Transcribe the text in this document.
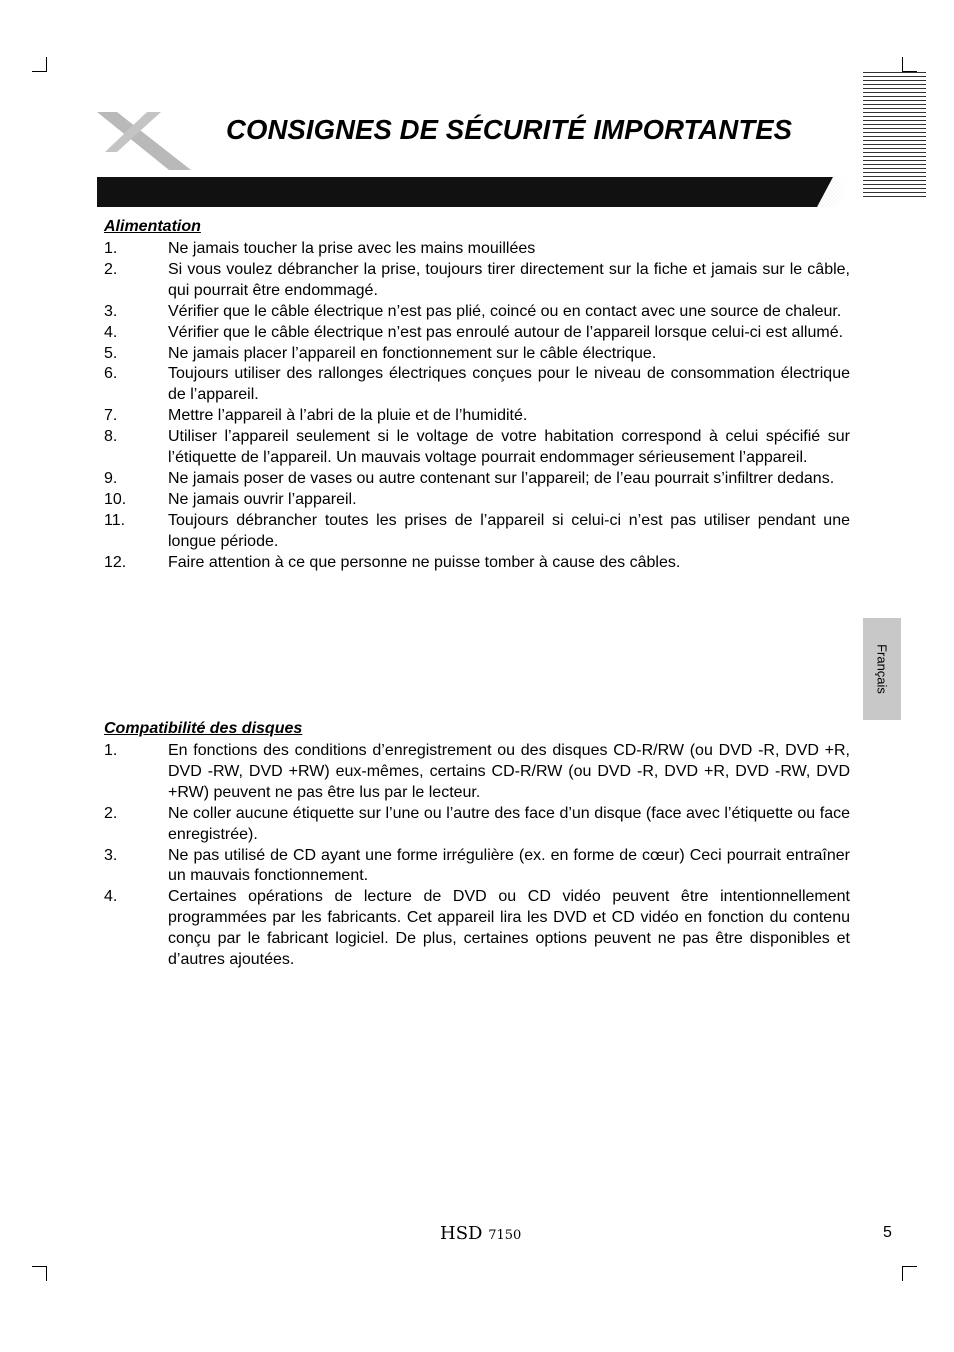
CONSIGNES DE SÉCURITÉ IMPORTANTES
Alimentation
1.	Ne jamais toucher la prise avec les mains mouillées
2.	Si vous voulez débrancher la prise, toujours tirer directement sur la fiche et jamais sur le câble, qui pourrait être endommagé.
3.	Vérifier que le câble électrique n’est pas plié, coincé ou en contact avec une source de chaleur.
4.	Vérifier que le câble électrique n’est pas enroulé autour de l’appareil lorsque celui-ci est allumé.
5.	Ne jamais placer l’appareil en fonctionnement sur le câble électrique.
6.	Toujours utiliser des rallonges électriques conçues pour le niveau de consommation électrique de l’appareil.
7.	Mettre l’appareil à l’abri de la pluie et de l’humidité.
8.	Utiliser l’appareil seulement si le voltage de votre habitation correspond à celui spécifié sur l’étiquette de l’appareil. Un mauvais voltage pourrait endommager sérieusement l’appareil.
9.	Ne jamais poser de vases ou autre contenant sur l’appareil; de l’eau pourrait s’infiltrer dedans.
10.	Ne jamais ouvrir l’appareil.
11.	Toujours débrancher toutes les prises de l’appareil si celui-ci n’est pas utiliser pendant une longue période.
12.	Faire attention à ce que personne ne puisse tomber à cause des câbles.
Compatibilité des disques
1.	En fonctions des conditions d’enregistrement ou des disques CD-R/RW (ou DVD -R, DVD +R, DVD -RW, DVD +RW) eux-mêmes, certains CD-R/RW (ou DVD -R, DVD +R, DVD -RW, DVD +RW) peuvent ne pas être lus par le lecteur.
2.	Ne coller aucune étiquette sur l’une ou l’autre des face d’un disque (face avec l’étiquette ou face enregistrée).
3.	Ne pas utilisé de CD ayant une forme irrégulière (ex. en forme de cœur) Ceci pourrait entraîner un mauvais fonctionnement.
4.	Certaines opérations de lecture de DVD ou CD vidéo peuvent être intentionnellement programmées par les fabricants. Cet appareil lira les DVD et CD vidéo en fonction du contenu conçu par le fabricant logiciel. De plus, certaines options peuvent ne pas être disponibles et d’autres ajoutées.
Français
HSD 7150	5
